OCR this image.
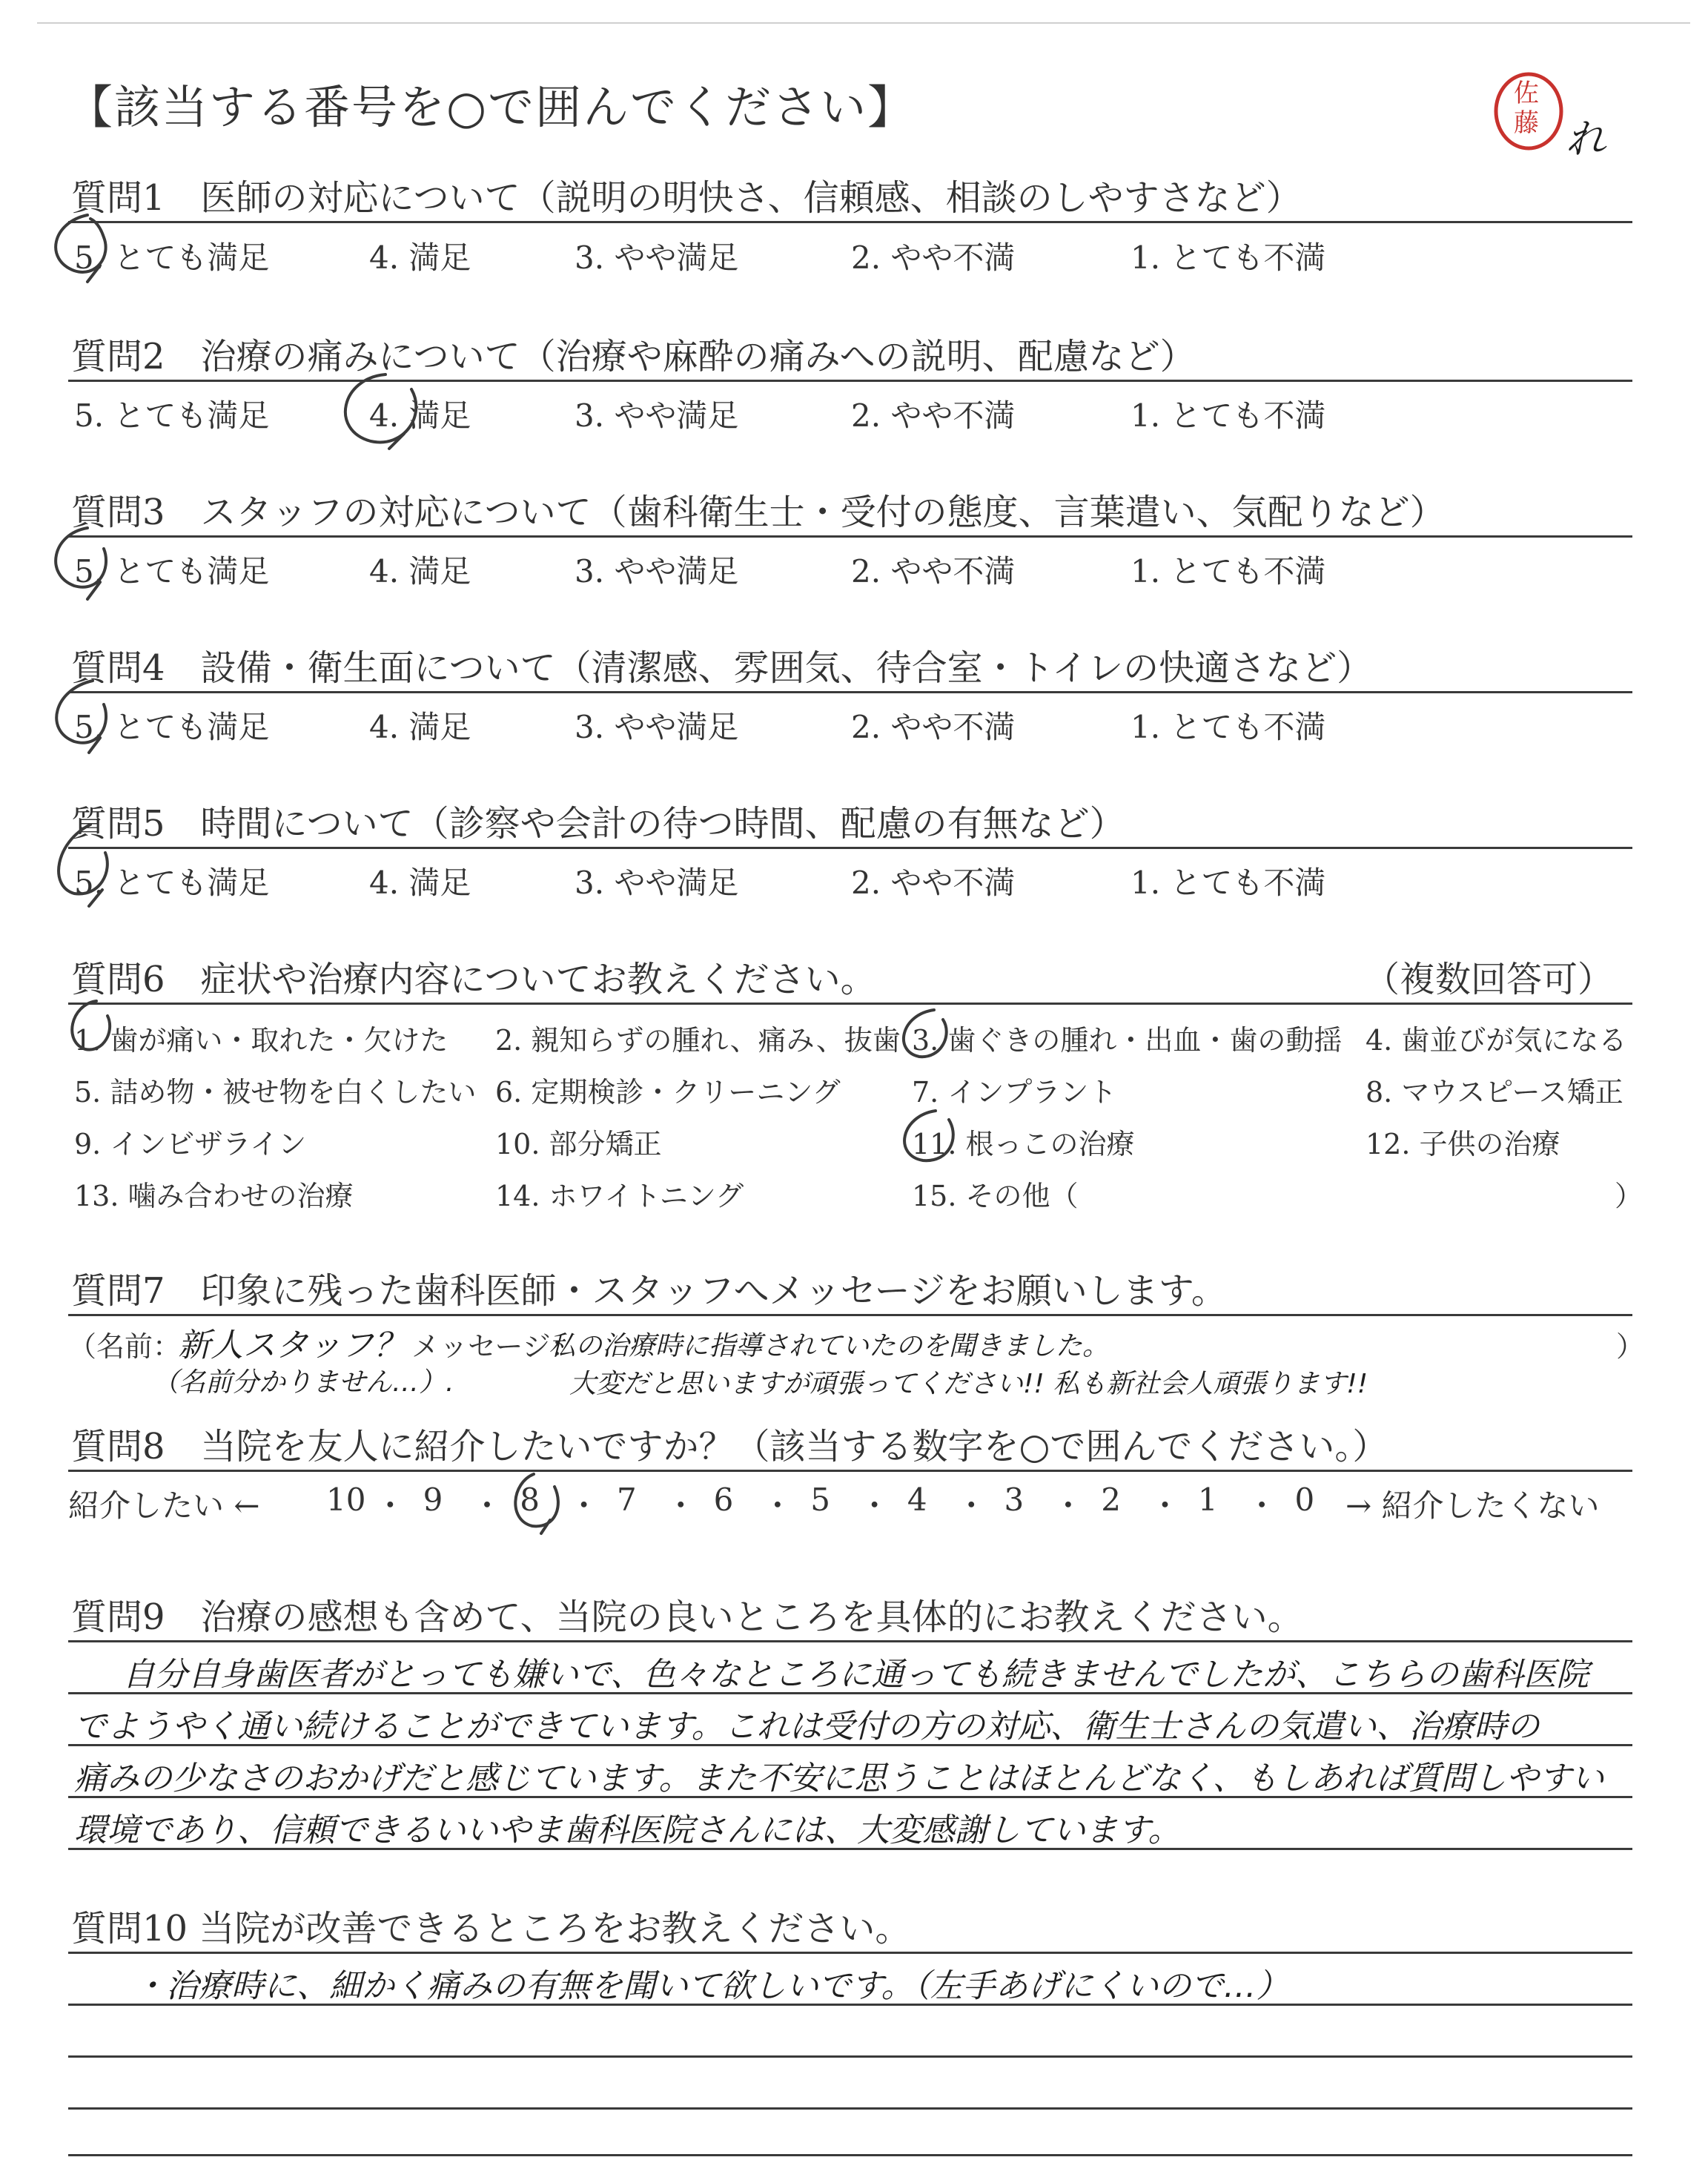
【該当する番号を○で囲んでください】	佐
藤 れ
質問1　医師の対応について（説明の明快さ、信頼感、相談のしやすさなど）
5. とても満足	4. 満足	3. やや満足	2. やや不満	1. とても不満
質問2　治療の痛みについて（治療や麻酔の痛みへの説明、配慮など）
5. とても満足	4. 満足	3. やや満足	2. やや不満	1. とても不満
質問3　スタッフの対応について（歯科衛生士・受付の態度、言葉遣い、気配りなど）
5. とても満足	4. 満足	3. やや満足	2. やや不満	1. とても不満
質問4　設備・衛生面について（清潔感、雰囲気、待合室・トイレの快適さなど）
5. とても満足	4. 満足	3. やや満足	2. やや不満	1. とても不満
質問5　時間について（診察や会計の待つ時間、配慮の有無など）
5. とても満足	4. 満足	3. やや満足	2. やや不満	1. とても不満
質問6　症状や治療内容についてお教えください。	（複数回答可）
1. 歯が痛い・取れた・欠けた 2. 親知らずの腫れ、痛み、抜歯 3. 歯ぐきの腫れ・出血・歯の動揺 4. 歯並びが気になる
5. 詰め物・被せ物を白くしたい 6. 定期検診・クリーニング	7. インプラント	8. マウスピース矯正
9. インビザライン	10. 部分矯正	11. 根っこの治療	12. 子供の治療
13. 噛み合わせの治療	14. ホワイトニング	15. その他（	）
質問7　印象に残った歯科医師・スタッフへメッセージをお願いします。
（名前：
新人スタッフ？
（名前分かりません…）.
メッセージ：
私の治療時に指導されていたのを聞きました。
大変だと思いますが頑張ってください!! 私も新社会人頑張ります!!
）
質問8　当院を友人に紹介したいですか？（該当する数字を○で囲んでください。）
紹介したい ← 10 ・ 9 ・ 8 ・ 7 ・ 6 ・ 5 ・ 4 ・ 3 ・ 2 ・ 1 ・ 0 → 紹介したくない
質問9　治療の感想も含めて、当院の良いところを具体的にお教えください。
自分自身歯医者がとっても嫌いで、色々なところに通っても続きませんでしたが、こちらの歯科医院
でようやく通い続けることができています。これは受付の方の対応、衛生士さんの気遣い、治療時の
痛みの少なさのおかげだと感じています。また不安に思うことはほとんどなく、もしあれば質問しやすい
環境であり、信頼できるいいやま歯科医院さんには、大変感謝しています。
質問10 当院が改善できるところをお教えください。
・治療時に、細かく痛みの有無を聞いて欲しいです。（左手あげにくいので…）
